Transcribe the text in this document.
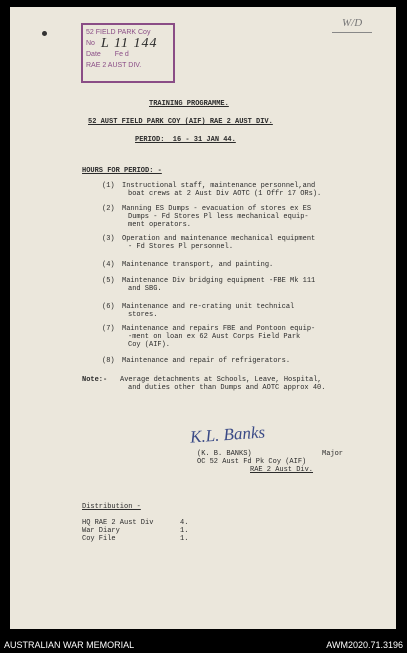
52 FIELD PARK Coy
No L 11 144
Date Fe d
RAE 2 AUST DIV.
W/D
TRAINING PROGRAMME.
52 AUST FIELD PARK COY (AIF) RAE 2 AUST DIV.
PERIOD:  16 - 31 JAN 44.
HOURS FOR PERIOD: -
(1) Instructional staff, maintenance personnel,and
boat crews at 2 Aust Div AOTC (1 Offr 17 ORs).
(2) Manning ES Dumps - evacuation of stores ex ES
Dumps - Fd Stores Pl less mechanical equip-
ment operators.
(3) Operation and maintenance mechanical equipment
- Fd Stores Pl personnel.
(4) Maintenance transport, and painting.
(5) Maintenance Div bridging equipment -FBE Mk 111
and SBG.
(6) Maintenance and re-crating unit technical
stores.
(7) Maintenance and repairs FBE and Pontoon equip-
-ment on loan ex 62 Aust Corps Field Park
Coy (AIF).
(8) Maintenance and repair of refrigerators.
Note:- Average detachments at Schools, Leave, Hospital,
and duties other than Dumps and AOTC approx 40.
K.L. Banks
(K. B. BANKS)	Major
OC 52 Aust Fd Pk Coy (AIF)
RAE 2 Aust Div.
Distribution -
HQ RAE 2 Aust Div	4.
War Diary	1.
Coy File	1.
AUSTRALIAN WAR MEMORIAL	AWM2020.71.3196
